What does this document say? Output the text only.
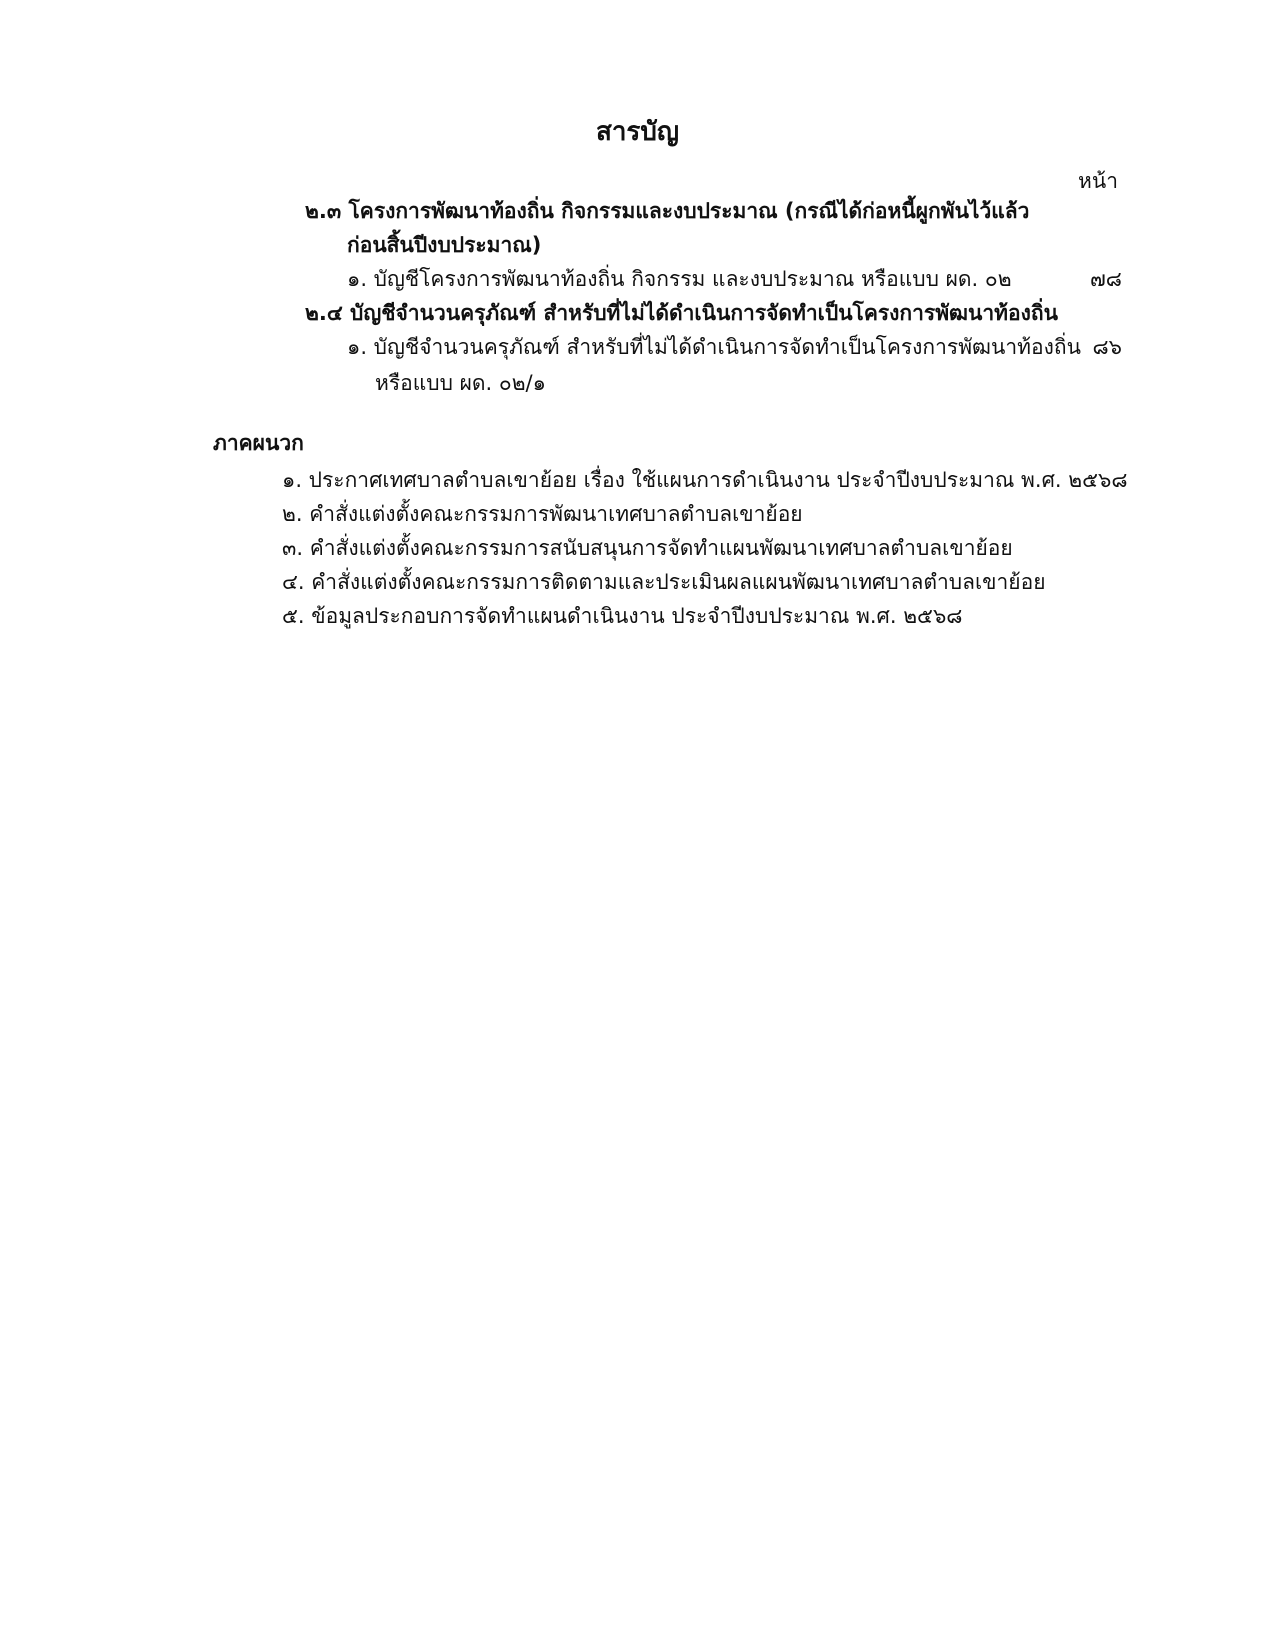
สารบัญ
หน้า
๒.๓ โครงการพัฒนาท้องถิ่น กิจกรรมและงบประมาณ (กรณีได้ก่อหนี้ผูกพันไว้แล้ว
ก่อนสิ้นปีงบประมาณ)
๑. บัญชีโครงการพัฒนาท้องถิ่น กิจกรรม และงบประมาณ หรือแบบ ผด. ๐๒	๗๘
๒.๔ บัญชีจำนวนครุภัณฑ์ สำหรับที่ไม่ได้ดำเนินการจัดทำเป็นโครงการพัฒนาท้องถิ่น
๑. บัญชีจำนวนครุภัณฑ์ สำหรับที่ไม่ได้ดำเนินการจัดทำเป็นโครงการพัฒนาท้องถิ่น ๘๖
หรือแบบ ผด. ๐๒/๑
ภาคผนวก
๑. ประกาศเทศบาลตำบลเขาย้อย เรื่อง ใช้แผนการดำเนินงาน ประจำปีงบประมาณ พ.ศ. ๒๕๖๘
๒. คำสั่งแต่งตั้งคณะกรรมการพัฒนาเทศบาลตำบลเขาย้อย
๓. คำสั่งแต่งตั้งคณะกรรมการสนับสนุนการจัดทำแผนพัฒนาเทศบาลตำบลเขาย้อย
๔. คำสั่งแต่งตั้งคณะกรรมการติดตามและประเมินผลแผนพัฒนาเทศบาลตำบลเขาย้อย
๕. ข้อมูลประกอบการจัดทำแผนดำเนินงาน ประจำปีงบประมาณ พ.ศ. ๒๕๖๘
